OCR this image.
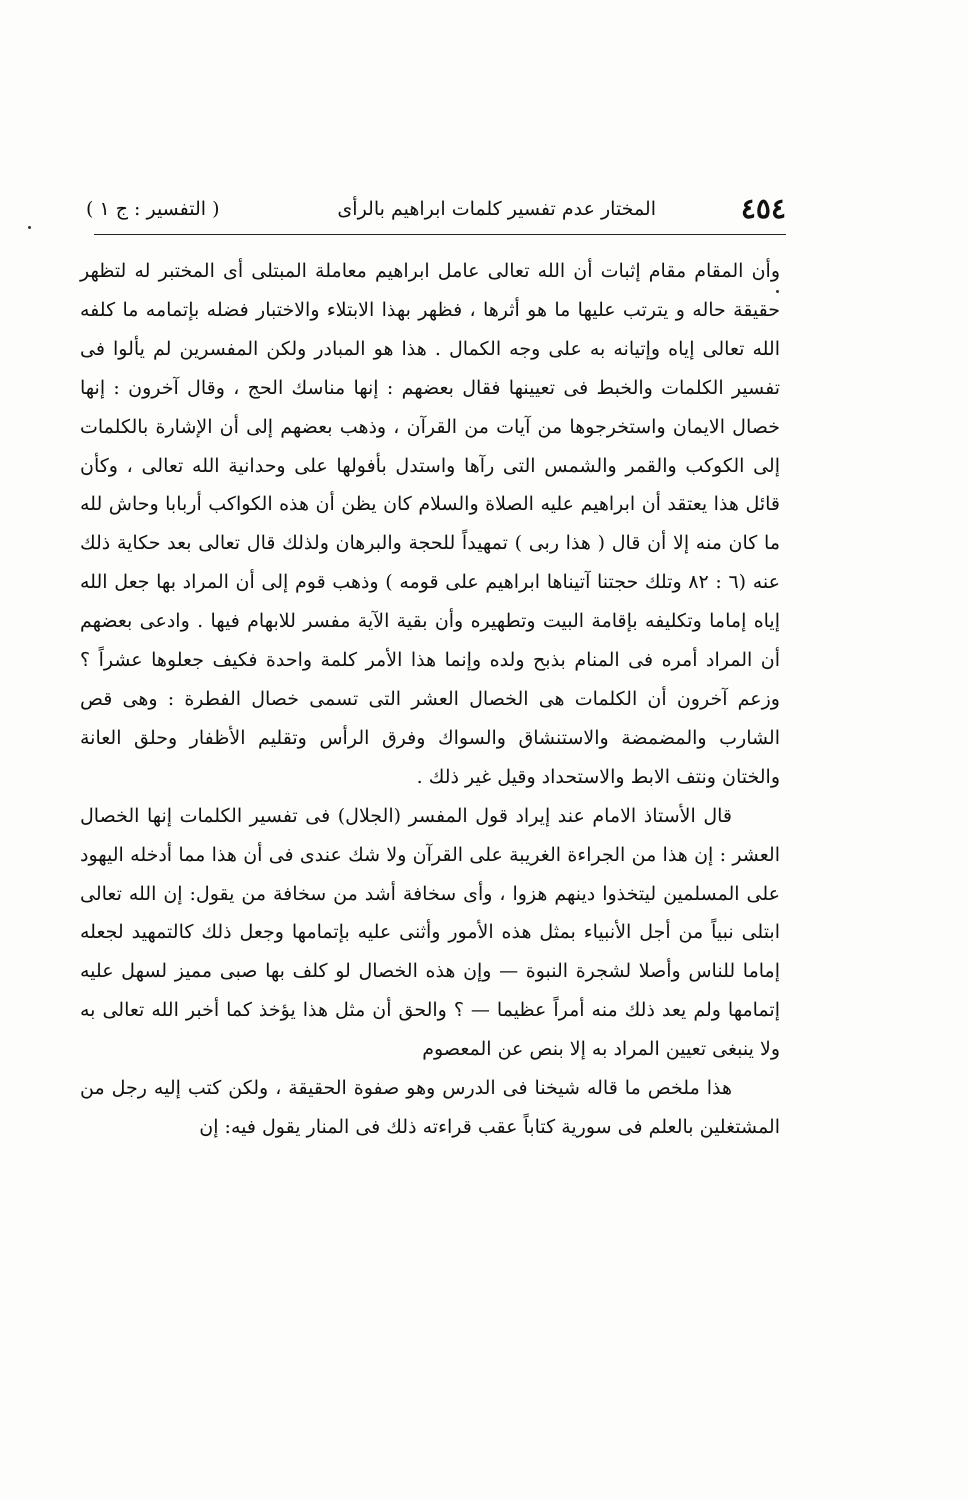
٤٥٤
المختار عدم تفسير كلمات ابراهيم بالرأى
( التفسير : ج ١ )

وأن المقام مقام إثبات أن الله تعالى عامل ابراهيم معاملة المبتلى أى المختبر له لتظهر حقيقة حاله و يترتب عليها ما هو أثرها ، فظهر بهذا الابتلاء والاختبار فضله بإتمامه ما كلفه الله تعالى إياه وإتيانه به على وجه الكمال . هذا هو المبادر ولكن المفسرين لم يألوا فى تفسير الكلمات والخبط فى تعيينها فقال بعضهم : إنها مناسك الحج ، وقال آخرون : إنها خصال الايمان واستخرجوها من آيات من القرآن ، وذهب بعضهم إلى أن الإشارة بالكلمات إلى الكوكب والقمر والشمس التى رآها واستدل بأفولها على وحدانية الله تعالى ، وكأن قائل هذا يعتقد أن ابراهيم عليه الصلاة والسلام كان يظن أن هذه الكواكب أربابا وحاش لله ما كان منه إلا أن قال ( هذا ربى ) تمهيداً للحجة والبرهان ولذلك قال تعالى بعد حكاية ذلك عنه (٦ : ٨٢ وتلك حجتنا آتيناها ابراهيم على قومه ) وذهب قوم إلى أن المراد بها جعل الله إياه إماما وتكليفه بإقامة البيت وتطهيره وأن بقية الآية مفسر للابهام فيها . وادعى بعضهم أن المراد أمره فى المنام بذبح ولده وإنما هذا الأمر كلمة واحدة فكيف جعلوها عشراً ؟ وزعم آخرون أن الكلمات هى الخصال العشر التى تسمى خصال الفطرة : وهى قص الشارب والمضمضة والاستنشاق والسواك وفرق الرأس وتقليم الأظفار وحلق العانة والختان ونتف الابط والاستحداد وقيل غير ذلك .

قال الأستاذ الامام عند إيراد قول المفسر (الجلال) فى تفسير الكلمات إنها الخصال العشر : إن هذا من الجراءة الغريبة على القرآن ولا شك عندى فى أن هذا مما أدخله اليهود على المسلمين ليتخذوا دينهم هزوا ، وأى سخافة أشد من سخافة من يقول: إن الله تعالى ابتلى نبياً من أجل الأنبياء بمثل هذه الأمور وأثنى عليه بإتمامها وجعل ذلك كالتمهيد لجعله إماما للناس وأصلا لشجرة النبوة — وإن هذه الخصال لو كلف بها صبى مميز لسهل عليه إتمامها ولم يعد ذلك منه أمراً عظيما — ؟ والحق أن مثل هذا يؤخذ كما أخبر الله تعالى به ولا ينبغى تعيين المراد به إلا بنص عن المعصوم

هذا ملخص ما قاله شيخنا فى الدرس وهو صفوة الحقيقة ، ولكن كتب إليه رجل من المشتغلين بالعلم فى سورية كتاباً عقب قراءته ذلك فى المنار يقول فيه: إن
